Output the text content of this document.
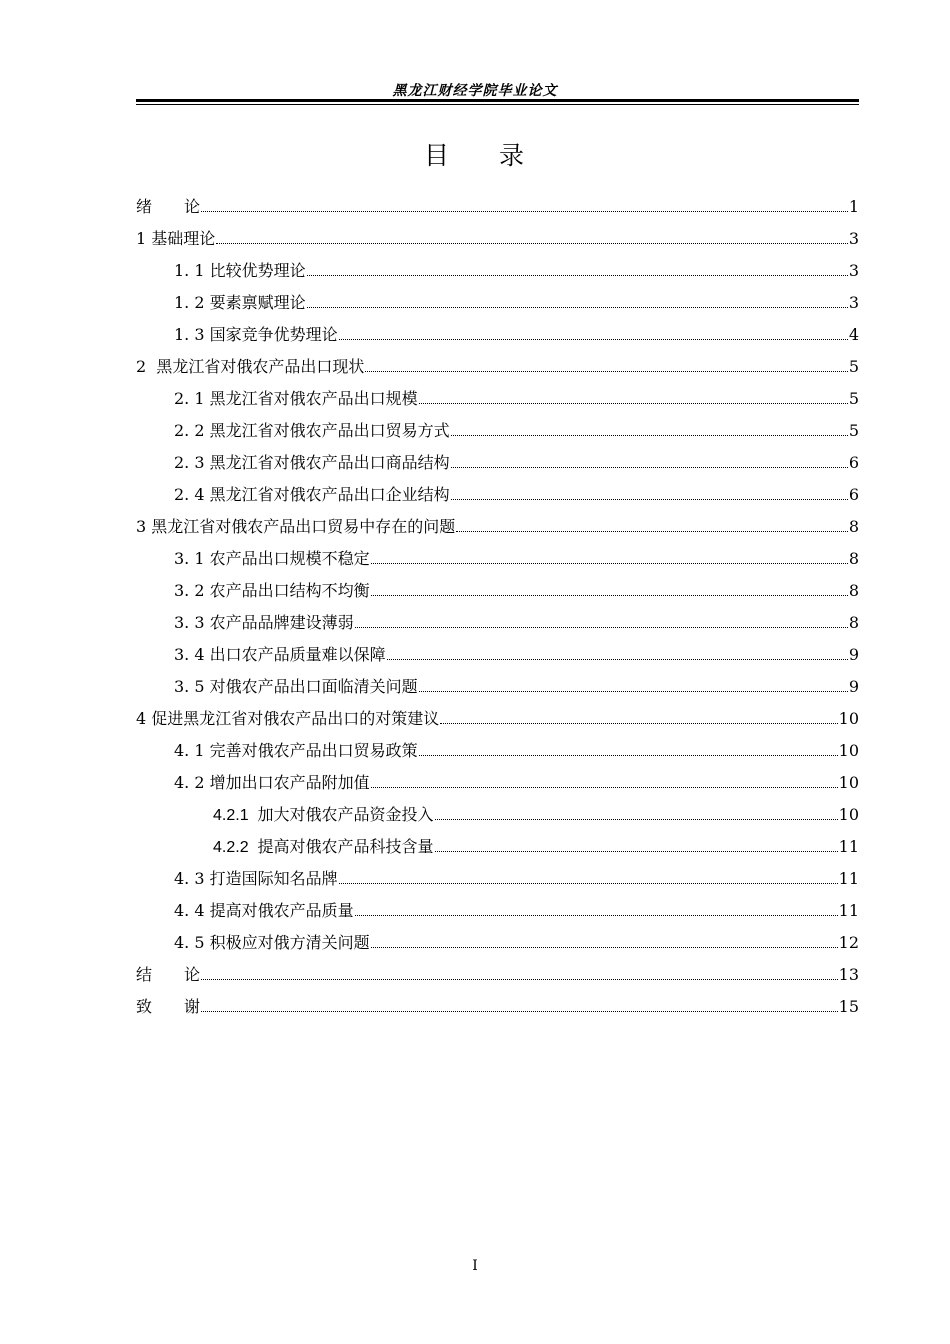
黑龙江财经学院毕业论文
目 录
绪　　论	1
1 基础理论	3
1. 1 比较优势理论	3
1. 2 要素禀赋理论	3
1. 3 国家竞争优势理论	4
2 黑龙江省对俄农产品出口现状	5
2. 1 黑龙江省对俄农产品出口规模	5
2. 2 黑龙江省对俄农产品出口贸易方式	5
2. 3 黑龙江省对俄农产品出口商品结构	6
2. 4 黑龙江省对俄农产品出口企业结构	6
3 黑龙江省对俄农产品出口贸易中存在的问题	8
3. 1 农产品出口规模不稳定	8
3. 2 农产品出口结构不均衡	8
3. 3 农产品品牌建设薄弱	8
3. 4 出口农产品质量难以保障	9
3. 5 对俄农产品出口面临清关问题	9
4 促进黑龙江省对俄农产品出口的对策建议	10
4. 1 完善对俄农产品出口贸易政策	10
4. 2 增加出口农产品附加值	10
4.2.1 加大对俄农产品资金投入	10
4.2.2 提高对俄农产品科技含量	11
4. 3 打造国际知名品牌	11
4. 4 提高对俄农产品质量	11
4. 5 积极应对俄方清关问题	12
结　　论	13
致　　谢	15
I
